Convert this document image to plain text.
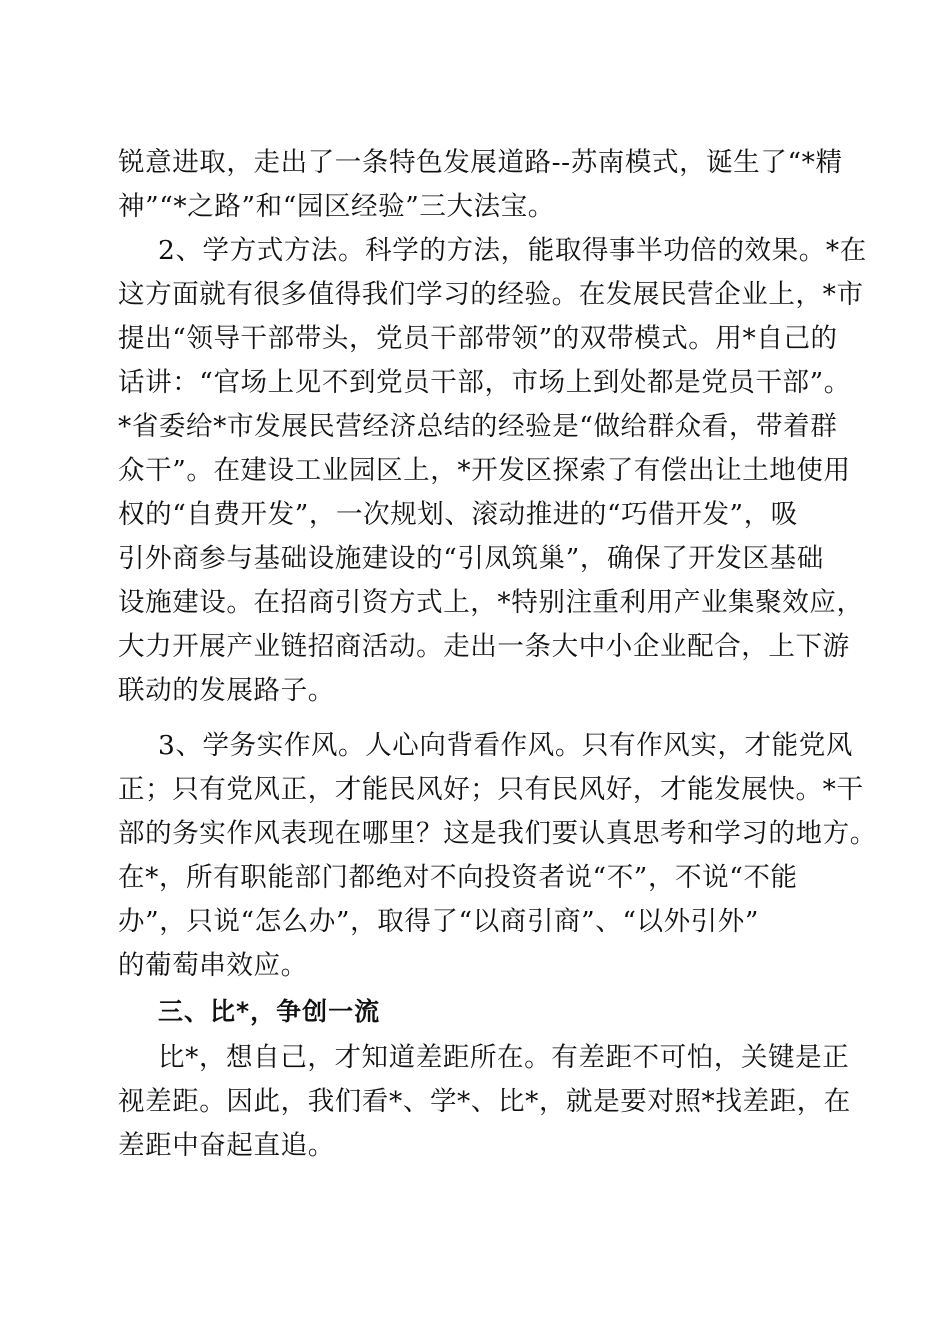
锐意进取，走出了一条特色发展道路--苏南模式，诞生了“*精
神”“*之路”和“园区经验”三大法宝。
2、学方式方法。科学的方法，能取得事半功倍的效果。*在
这方面就有很多值得我们学习的经验。在发展民营企业上，*市
提出“领导干部带头，党员干部带领”的双带模式。用*自己的
话讲：“官场上见不到党员干部，市场上到处都是党员干部”。
*省委给*市发展民营经济总结的经验是“做给群众看，带着群
众干”。在建设工业园区上，*开发区探索了有偿出让土地使用
权的“自费开发”，一次规划、滚动推进的“巧借开发”，吸
引外商参与基础设施建设的“引凤筑巢”，确保了开发区基础
设施建设。在招商引资方式上，*特别注重利用产业集聚效应，
大力开展产业链招商活动。走出一条大中小企业配合，上下游
联动的发展路子。
3、学务实作风。人心向背看作风。只有作风实，才能党风
正；只有党风正，才能民风好；只有民风好，才能发展快。*干
部的务实作风表现在哪里？这是我们要认真思考和学习的地方。
在*，所有职能部门都绝对不向投资者说“不”，不说“不能
办”，只说“怎么办”，取得了“以商引商”、“以外引外”
的葡萄串效应。
三、比*，争创一流
比*，想自己，才知道差距所在。有差距不可怕，关键是正
视差距。因此，我们看*、学*、比*，就是要对照*找差距，在
差距中奋起直追。
